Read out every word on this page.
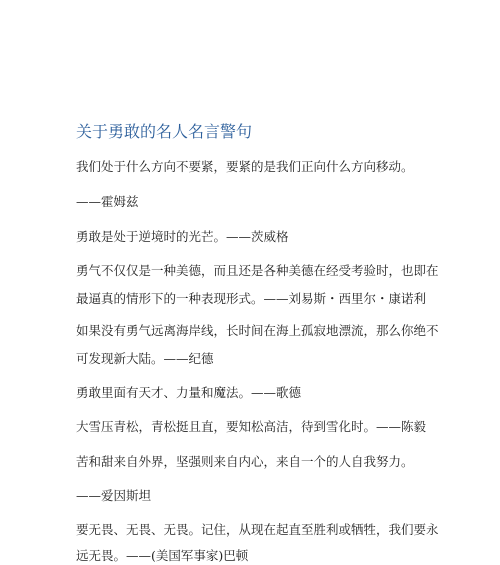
关于勇敢的名人名言警句

我们处于什么方向不要紧，要紧的是我们正向什么方向移动。

——霍姆兹

勇敢是处于逆境时的光芒。——茨威格

勇气不仅仅是一种美德，而且还是各种美德在经受考验时，也即在

最逼真的情形下的一种表现形式。——刘易斯・西里尔・康诺利

如果没有勇气远离海岸线，长时间在海上孤寂地漂流，那么你绝不

可发现新大陆。——纪德

勇敢里面有天才、力量和魔法。——歌德

大雪压青松，青松挺且直，要知松高洁，待到雪化时。——陈毅

苦和甜来自外界，坚强则来自内心，来自一个的人自我努力。

——爱因斯坦

要无畏、无畏、无畏。记住，从现在起直至胜利或牺牲，我们要永

远无畏。——(美国军事家)巴顿
